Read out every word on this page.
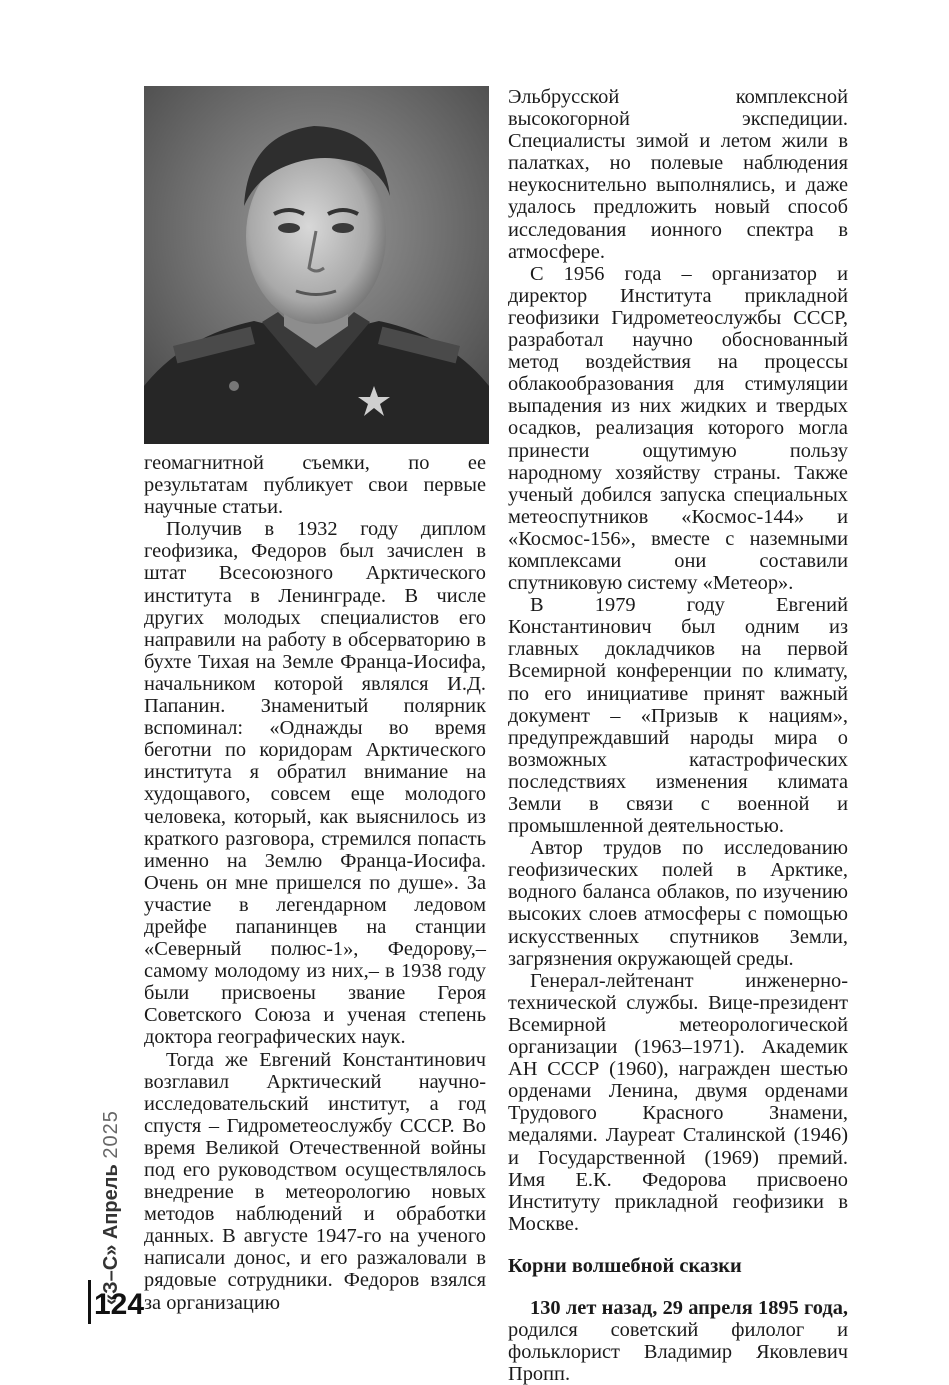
геомагнитной съемки, по ее результатам публикует свои первые научные статьи.

Получив в 1932 году диплом геофизика, Федоров был зачислен в штат Всесоюзного Арктического института в Ленинграде. В числе других молодых специалистов его направили на работу в обсерваторию в бухте Тихая на Земле Франца-Иосифа, начальником которой являлся И.Д. Папанин. Знаменитый полярник вспоминал: «Однажды во время беготни по коридорам Арктического института я обратил внимание на худощавого, совсем еще молодого человека, который, как выяснилось из краткого разговора, стремился попасть именно на Землю Франца-Иосифа. Очень он мне пришелся по душе». За участие в легендарном ледовом дрейфе папанинцев на станции «Северный полюс-1», Федорову,– самому молодому из них,– в 1938 году были присвоены звание Героя Советского Союза и ученая степень доктора географических наук.

Тогда же Евгений Константинович возглавил Арктический научно-исследовательский институт, а год спустя – Гидрометеослужбу СССР. Во время Великой Отечественной войны под его руководством осуществлялось внедрение в метеорологию новых методов наблюдений и обработки данных. В августе 1947-го на ученого написали донос, и его разжаловали в рядовые сотрудники. Федоров взялся за организацию

Эльбрусской комплексной высокогорной экспедиции. Специалисты зимой и летом жили в палатках, но полевые наблюдения неукоснительно выполнялись, и даже удалось предложить новый способ исследования ионного спектра в атмосфере.

С 1956 года – организатор и директор Института прикладной геофизики Гидрометеослужбы СССР, разработал научно обоснованный метод воздействия на процессы облакообразования для стимуляции выпадения из них жидких и твердых осадков, реализация которого могла принести ощутимую пользу народному хозяйству страны. Также ученый добился запуска специальных метеоспутников «Космос-144» и «Космос-156», вместе с наземными комплексами они составили спутниковую систему «Метеор».

В 1979 году Евгений Константинович был одним из главных докладчиков на первой Всемирной конференции по климату, по его инициативе принят важный документ – «Призыв к нациям», предупреждавший народы мира о возможных катастрофических последствиях изменения климата Земли в связи с военной и промышленной деятельностью.

Автор трудов по исследованию геофизических полей в Арктике, водного баланса облаков, по изучению высоких слоев атмосферы с помощью искусственных спутников Земли, загрязнения окружающей среды.

Генерал-лейтенант инженерно-технической службы. Вице-президент Всемирной метеорологической организации (1963–1971). Академик АН СССР (1960), награжден шестью орденами Ленина, двумя орденами Трудового Красного Знамени, медалями. Лауреат Сталинской (1946) и Государственной (1969) премий. Имя Е.К. Федорова присвоено Институту прикладной геофизики в Москве.

Корни волшебной сказки

130 лет назад, 29 апреля 1895 года, родился советский филолог и фольклорист Владимир Яковлевич Пропп.

«З–С» Апрель 2025
124
